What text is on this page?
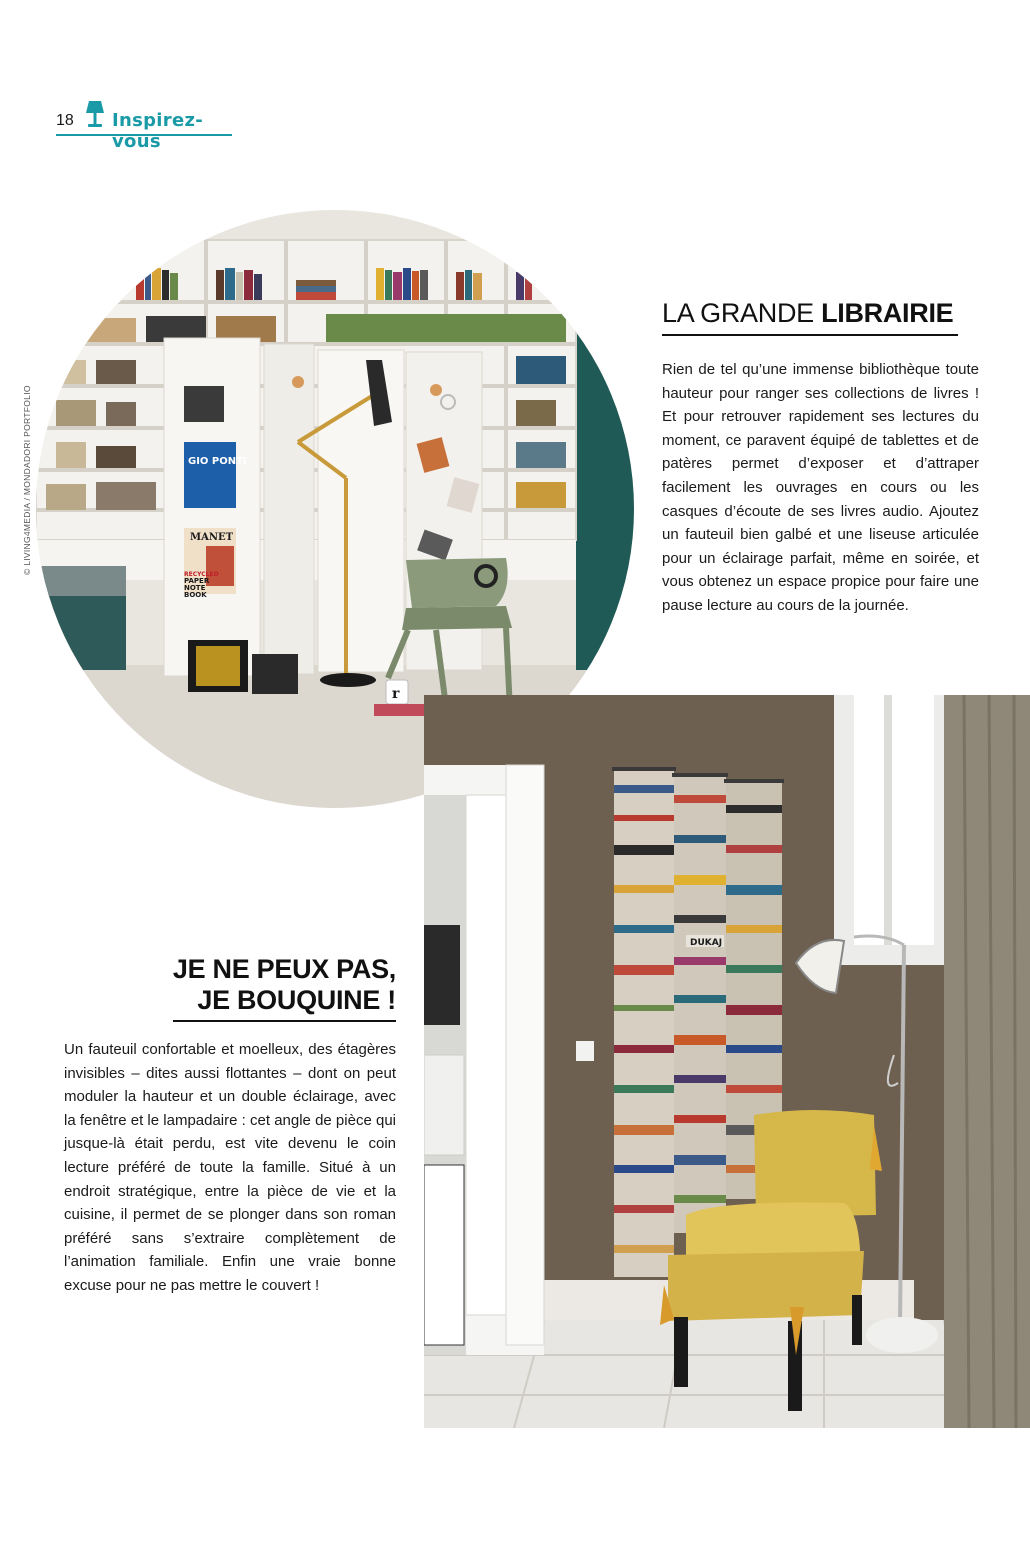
18 Inspirez-vous
© LIVING4MEDIA / MONDADORI PORTFOLIO	GIO PONTI
MANET
RECYCLED
PAPER
NOTE
BOOK
r
DUKAJ
LA GRANDE LIBRAIRIE

Rien de tel qu’une immense bibliothèque toute hauteur pour ranger ses collections de livres ! Et pour retrouver rapidement ses lectures du moment, ce paravent équipé de tablettes et de patères permet d’exposer et d’attraper facilement les ouvrages en cours ou les casques d’écoute de ses livres audio. Ajoutez un fauteuil bien galbé et une liseuse articulée pour un éclairage parfait, même en soirée, et vous obtenez un espace propice pour faire une pause lecture au cours de la journée.

JE NE PEUX PAS,
JE BOUQUINE !

Un fauteuil confortable et moelleux, des étagères invisibles – dites aussi flottantes – dont on peut moduler la hauteur et un double éclairage, avec la fenêtre et le lampadaire : cet angle de pièce qui jusque-là était perdu, est vite devenu le coin lecture préféré de toute la famille. Situé à un endroit stratégique, entre la pièce de vie et la cuisine, il permet de se plonger dans son roman préféré sans s’extraire complètement de l’animation familiale. Enfin une vraie bonne excuse pour ne pas mettre le couvert !
